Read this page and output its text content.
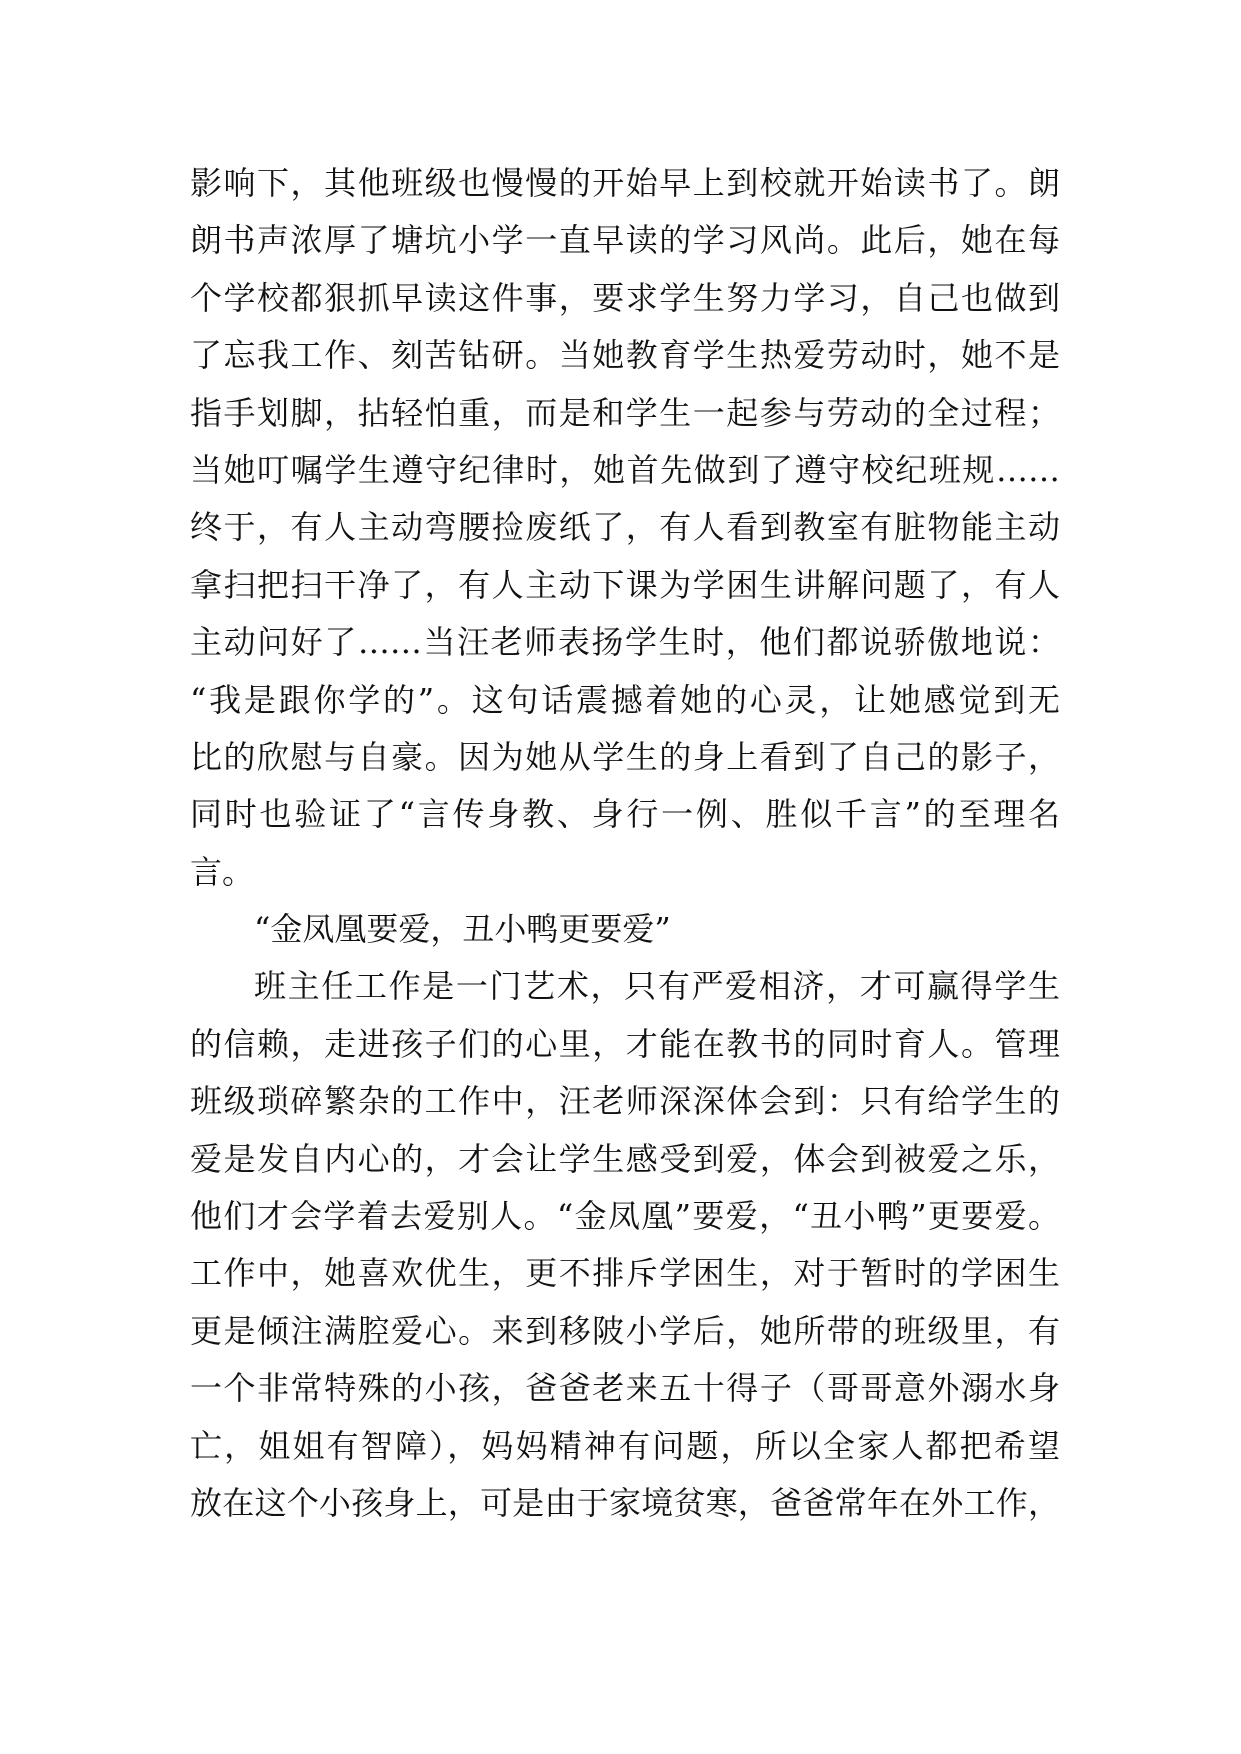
影响下，其他班级也慢慢的开始早上到校就开始读书了。朗
朗书声浓厚了塘坑小学一直早读的学习风尚。此后，她在每
个学校都狠抓早读这件事，要求学生努力学习，自己也做到
了忘我工作、刻苦钻研。当她教育学生热爱劳动时，她不是
指手划脚，拈轻怕重，而是和学生一起参与劳动的全过程；
当她叮嘱学生遵守纪律时，她首先做到了遵守校纪班规……
终于，有人主动弯腰捡废纸了，有人看到教室有脏物能主动
拿扫把扫干净了，有人主动下课为学困生讲解问题了，有人
主动问好了……当汪老师表扬学生时，他们都说骄傲地说：
“我是跟你学的”。这句话震撼着她的心灵，让她感觉到无
比的欣慰与自豪。因为她从学生的身上看到了自己的影子，
同时也验证了“言传身教、身行一例、胜似千言”的至理名
言。
“金凤凰要爱，丑小鸭更要爱”
班主任工作是一门艺术，只有严爱相济，才可赢得学生
的信赖，走进孩子们的心里，才能在教书的同时育人。管理
班级琐碎繁杂的工作中，汪老师深深体会到：只有给学生的
爱是发自内心的，才会让学生感受到爱，体会到被爱之乐，
他们才会学着去爱别人。“金凤凰”要爱，“丑小鸭”更要爱。
工作中，她喜欢优生，更不排斥学困生，对于暂时的学困生
更是倾注满腔爱心。来到移陂小学后，她所带的班级里，有
一个非常特殊的小孩，爸爸老来五十得子（哥哥意外溺水身
亡，姐姐有智障），妈妈精神有问题，所以全家人都把希望
放在这个小孩身上，可是由于家境贫寒，爸爸常年在外工作，
